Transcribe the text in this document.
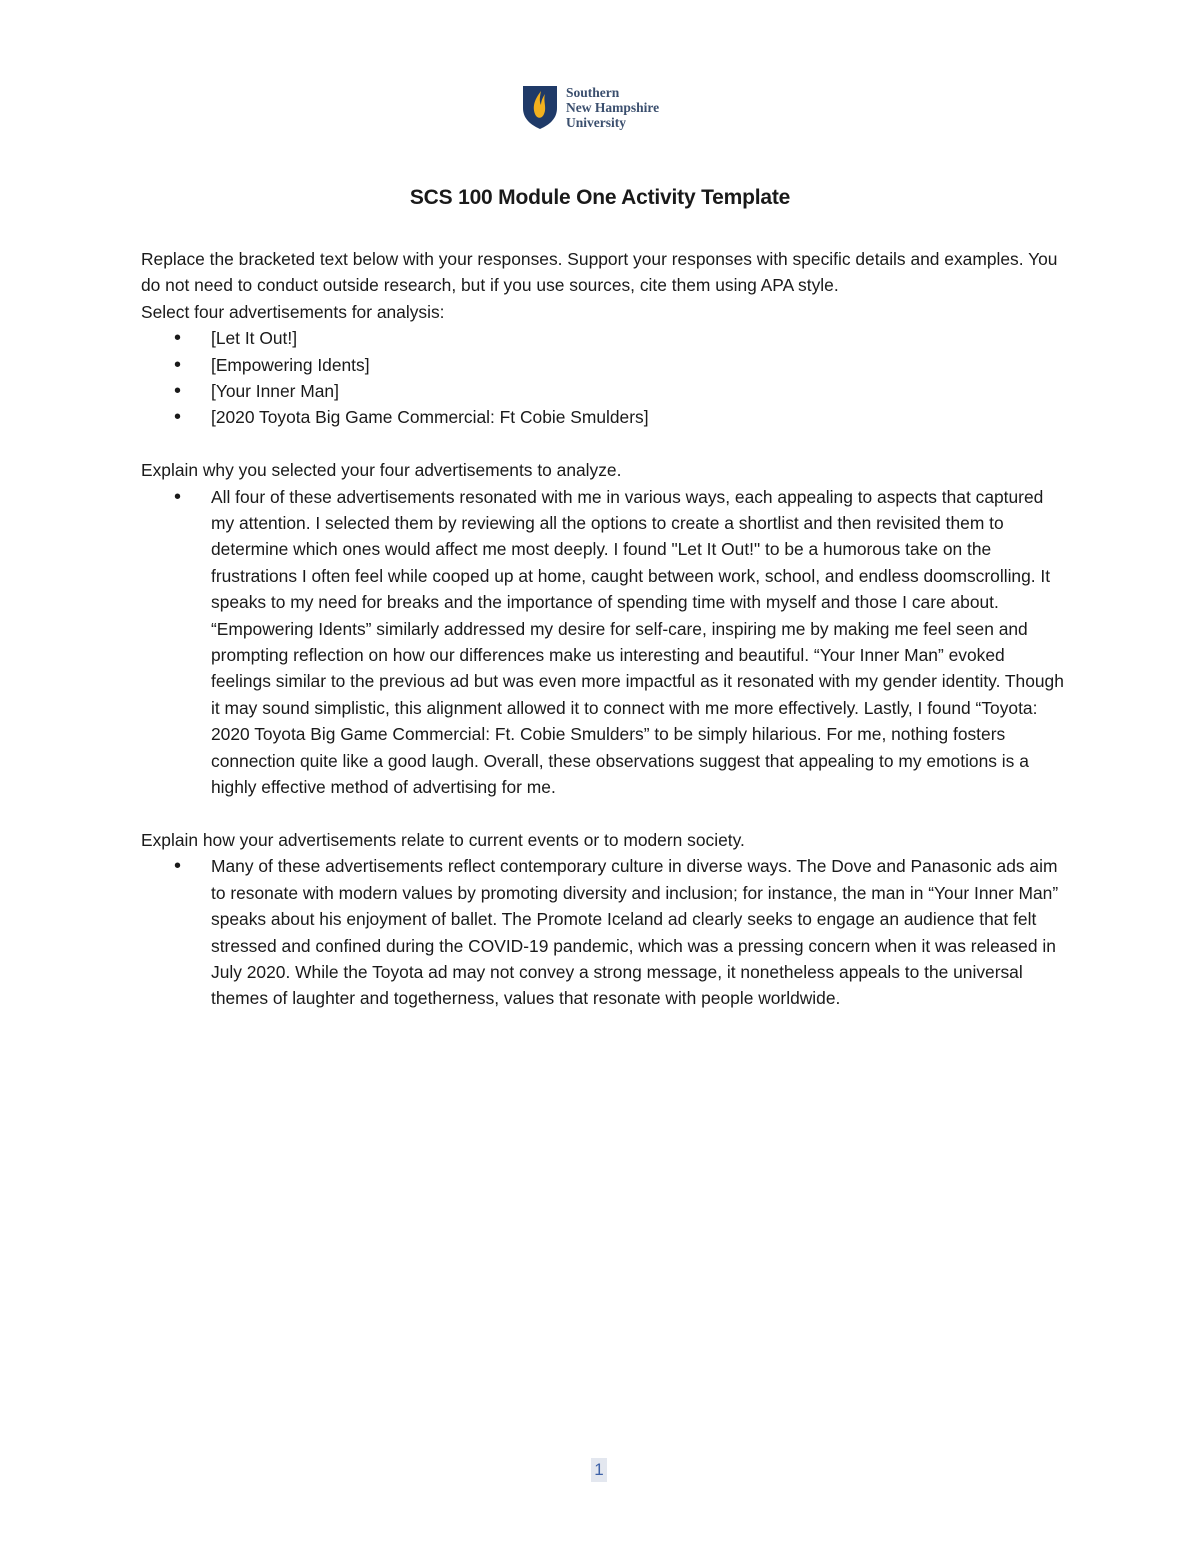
Southern
New Hampshire
University
SCS 100 Module One Activity Template

Replace the bracketed text below with your responses. Support your responses with specific details and examples. You do not need to conduct outside research, but if you use sources, cite them using APA style.

Select four advertisements for analysis:

• [Let It Out!]
• [Empowering Idents]
• [Your Inner Man]
• [2020 Toyota Big Game Commercial: Ft Cobie Smulders]

Explain why you selected your four advertisements to analyze.

• All four of these advertisements resonated with me in various ways, each appealing to aspects that captured my attention. I selected them by reviewing all the options to create a shortlist and then revisited them to determine which ones would affect me most deeply. I found "Let It Out!" to be a humorous take on the frustrations I often feel while cooped up at home, caught between work, school, and endless doomscrolling. It speaks to my need for breaks and the importance of spending time with myself and those I care about. “Empowering Idents” similarly addressed my desire for self-care, inspiring me by making me feel seen and prompting reflection on how our differences make us interesting and beautiful. “Your Inner Man” evoked feelings similar to the previous ad but was even more impactful as it resonated with my gender identity. Though it may sound simplistic, this alignment allowed it to connect with me more effectively. Lastly, I found “Toyota: 2020 Toyota Big Game Commercial: Ft. Cobie Smulders” to be simply hilarious. For me, nothing fosters connection quite like a good laugh. Overall, these observations suggest that appealing to my emotions is a highly effective method of advertising for me.

Explain how your advertisements relate to current events or to modern society.

• Many of these advertisements reflect contemporary culture in diverse ways. The Dove and Panasonic ads aim to resonate with modern values by promoting diversity and inclusion; for instance, the man in “Your Inner Man” speaks about his enjoyment of ballet. The Promote Iceland ad clearly seeks to engage an audience that felt stressed and confined during the COVID-19 pandemic, which was a pressing concern when it was released in July 2020. While the Toyota ad may not convey a strong message, it nonetheless appeals to the universal themes of laughter and togetherness, values that resonate with people worldwide.
1
